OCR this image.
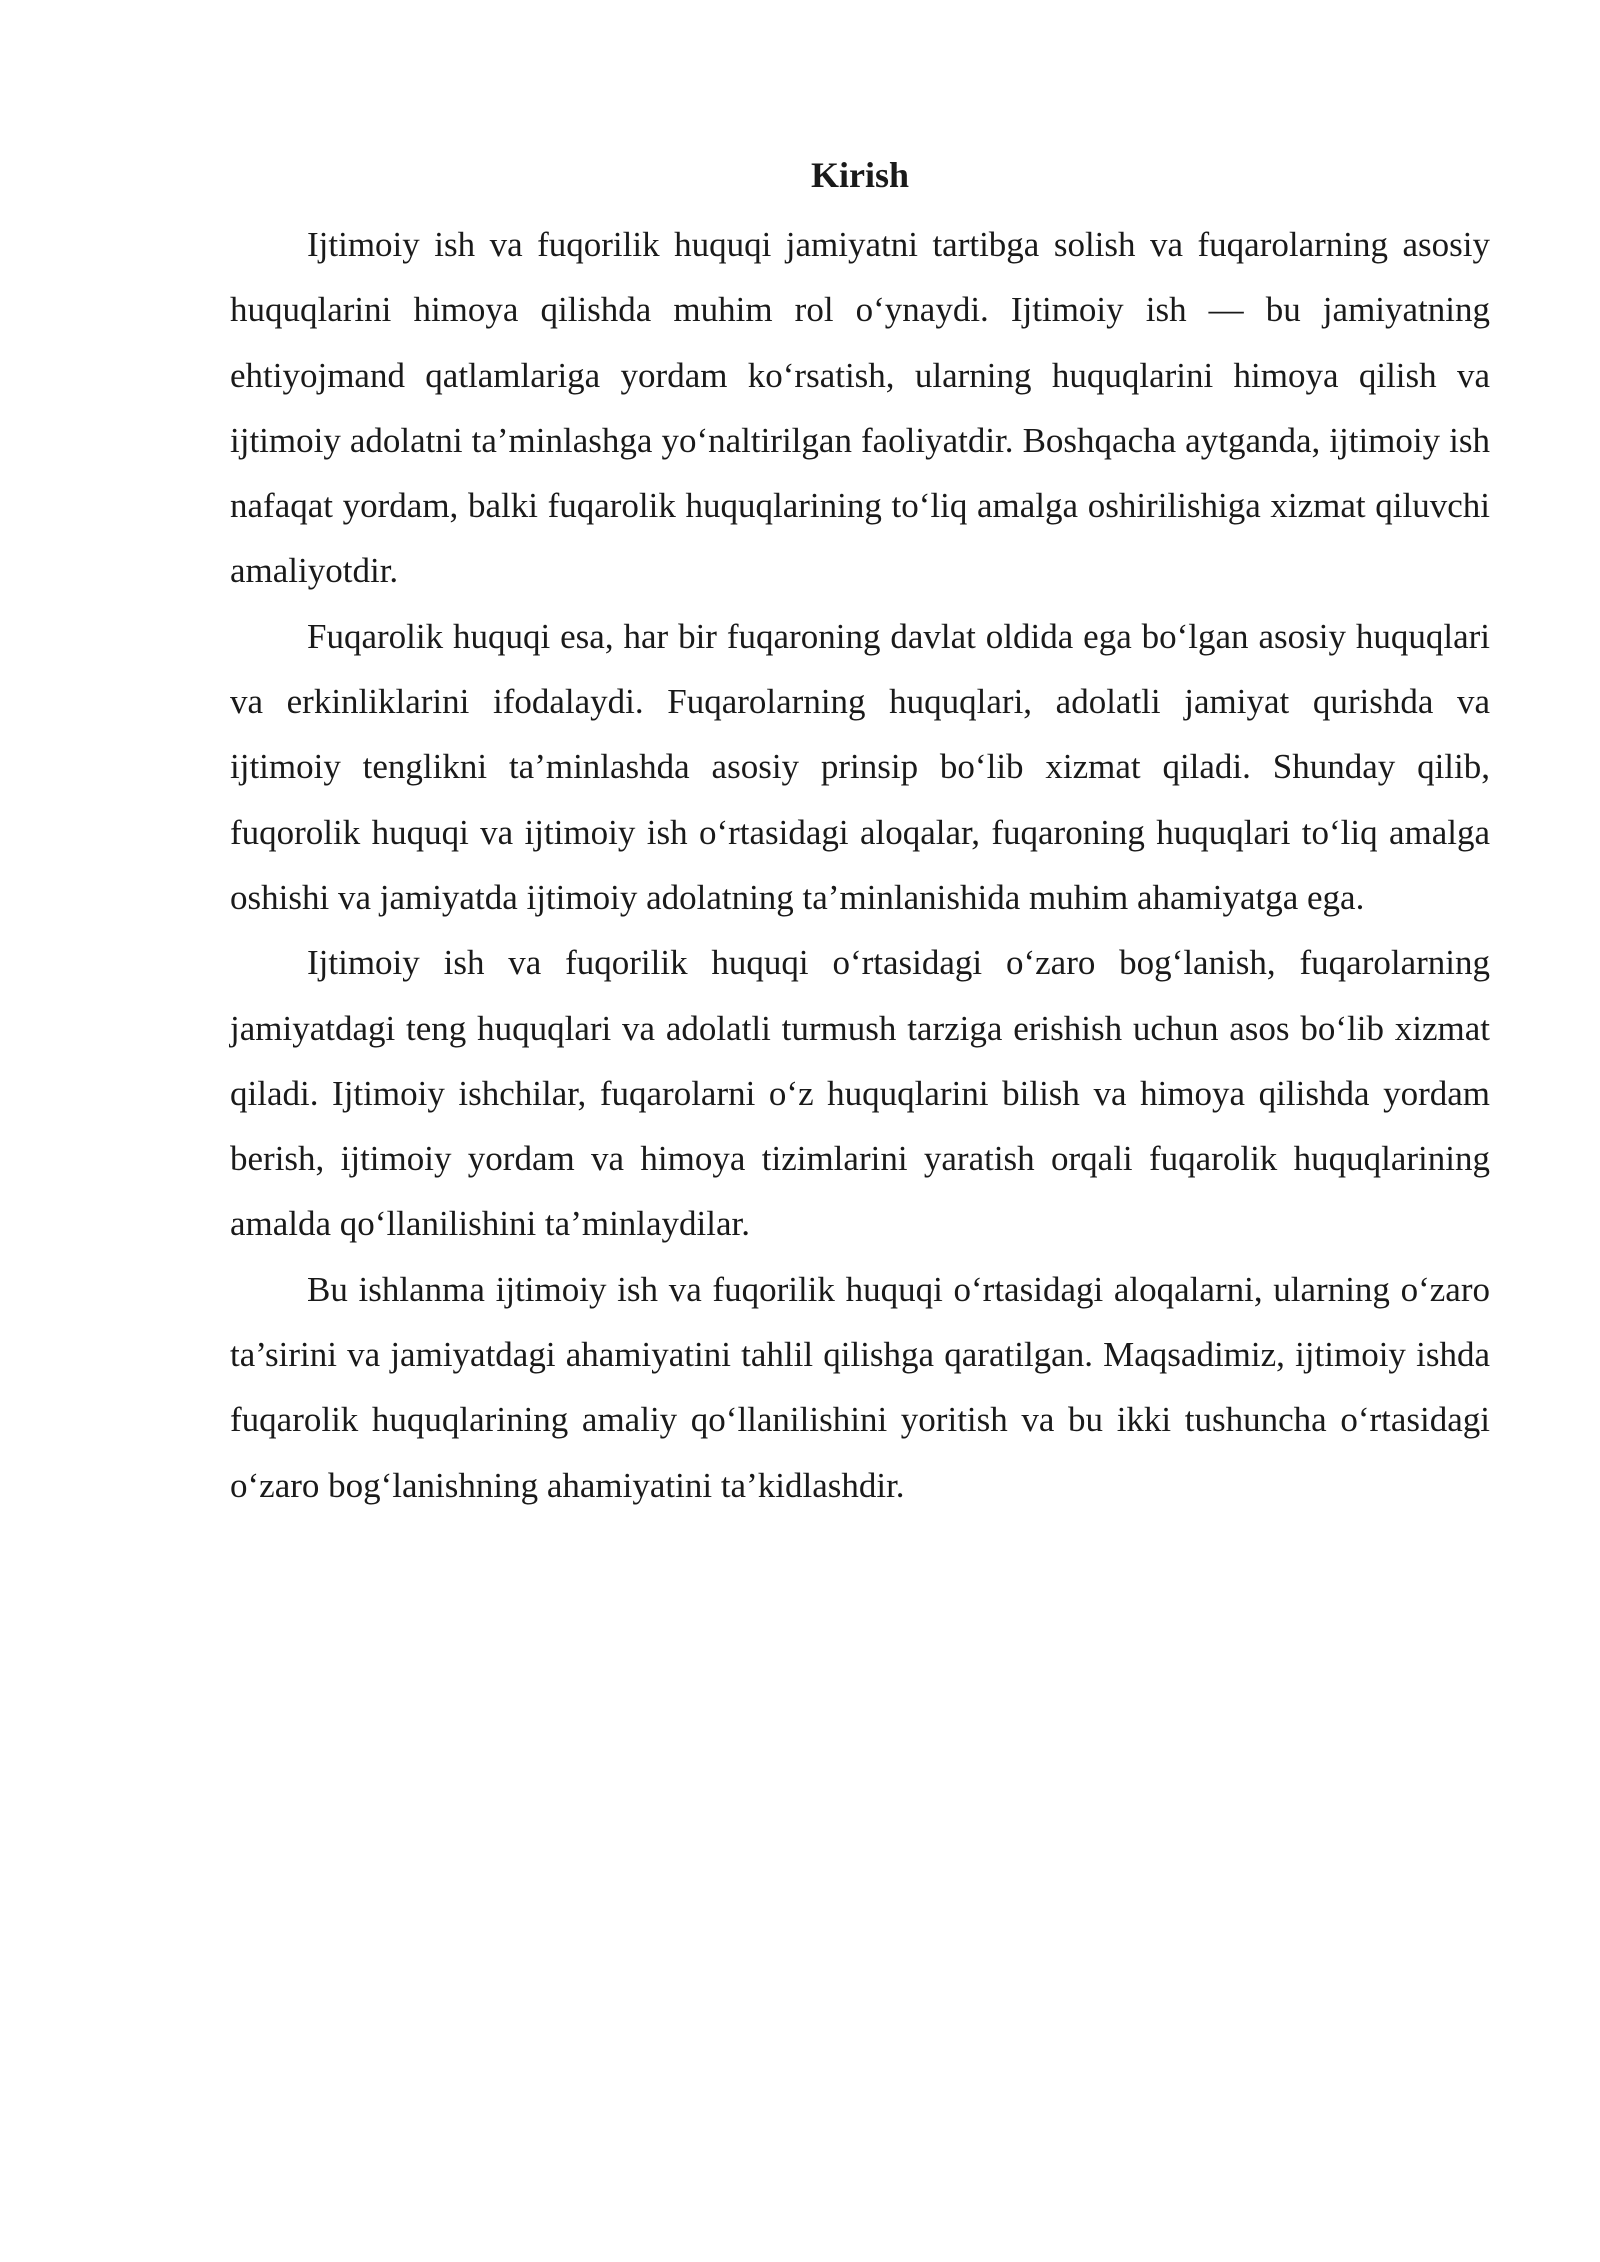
Kirish

Ijtimoiy ish va fuqorilik huquqi jamiyatni tartibga solish va fuqarolarning asosiy huquqlarini himoya qilishda muhim rol o‘ynaydi. Ijtimoiy ish — bu jamiyatning ehtiyojmand qatlamlariga yordam ko‘rsatish, ularning huquqlarini himoya qilish va ijtimoiy adolatni ta’minlashga yo‘naltirilgan faoliyatdir. Boshqacha aytganda, ijtimoiy ish nafaqat yordam, balki fuqarolik huquqlarining to‘liq amalga oshirilishiga xizmat qiluvchi amaliyotdir.

Fuqarolik huquqi esa, har bir fuqaroning davlat oldida ega bo‘lgan asosiy huquqlari va erkinliklarini ifodalaydi. Fuqarolarning huquqlari, adolatli jamiyat qurishda va ijtimoiy tenglikni ta’minlashda asosiy prinsip bo‘lib xizmat qiladi. Shunday qilib, fuqorolik huquqi va ijtimoiy ish o‘rtasidagi aloqalar, fuqaroning huquqlari to‘liq amalga oshishi va jamiyatda ijtimoiy adolatning ta’minlanishida muhim ahamiyatga ega.

Ijtimoiy ish va fuqorilik huquqi o‘rtasidagi o‘zaro bog‘lanish, fuqarolarning jamiyatdagi teng huquqlari va adolatli turmush tarziga erishish uchun asos bo‘lib xizmat qiladi. Ijtimoiy ishchilar, fuqarolarni o‘z huquqlarini bilish va himoya qilishda yordam berish, ijtimoiy yordam va himoya tizimlarini yaratish orqali fuqarolik huquqlarining amalda qo‘llanilishini ta’minlaydilar.

Bu ishlanma ijtimoiy ish va fuqorilik huquqi o‘rtasidagi aloqalarni, ularning o‘zaro ta’sirini va jamiyatdagi ahamiyatini tahlil qilishga qaratilgan. Maqsadimiz, ijtimoiy ishda fuqarolik huquqlarining amaliy qo‘llanilishini yoritish va bu ikki tushuncha o‘rtasidagi o‘zaro bog‘lanishning ahamiyatini ta’kidlashdir.
